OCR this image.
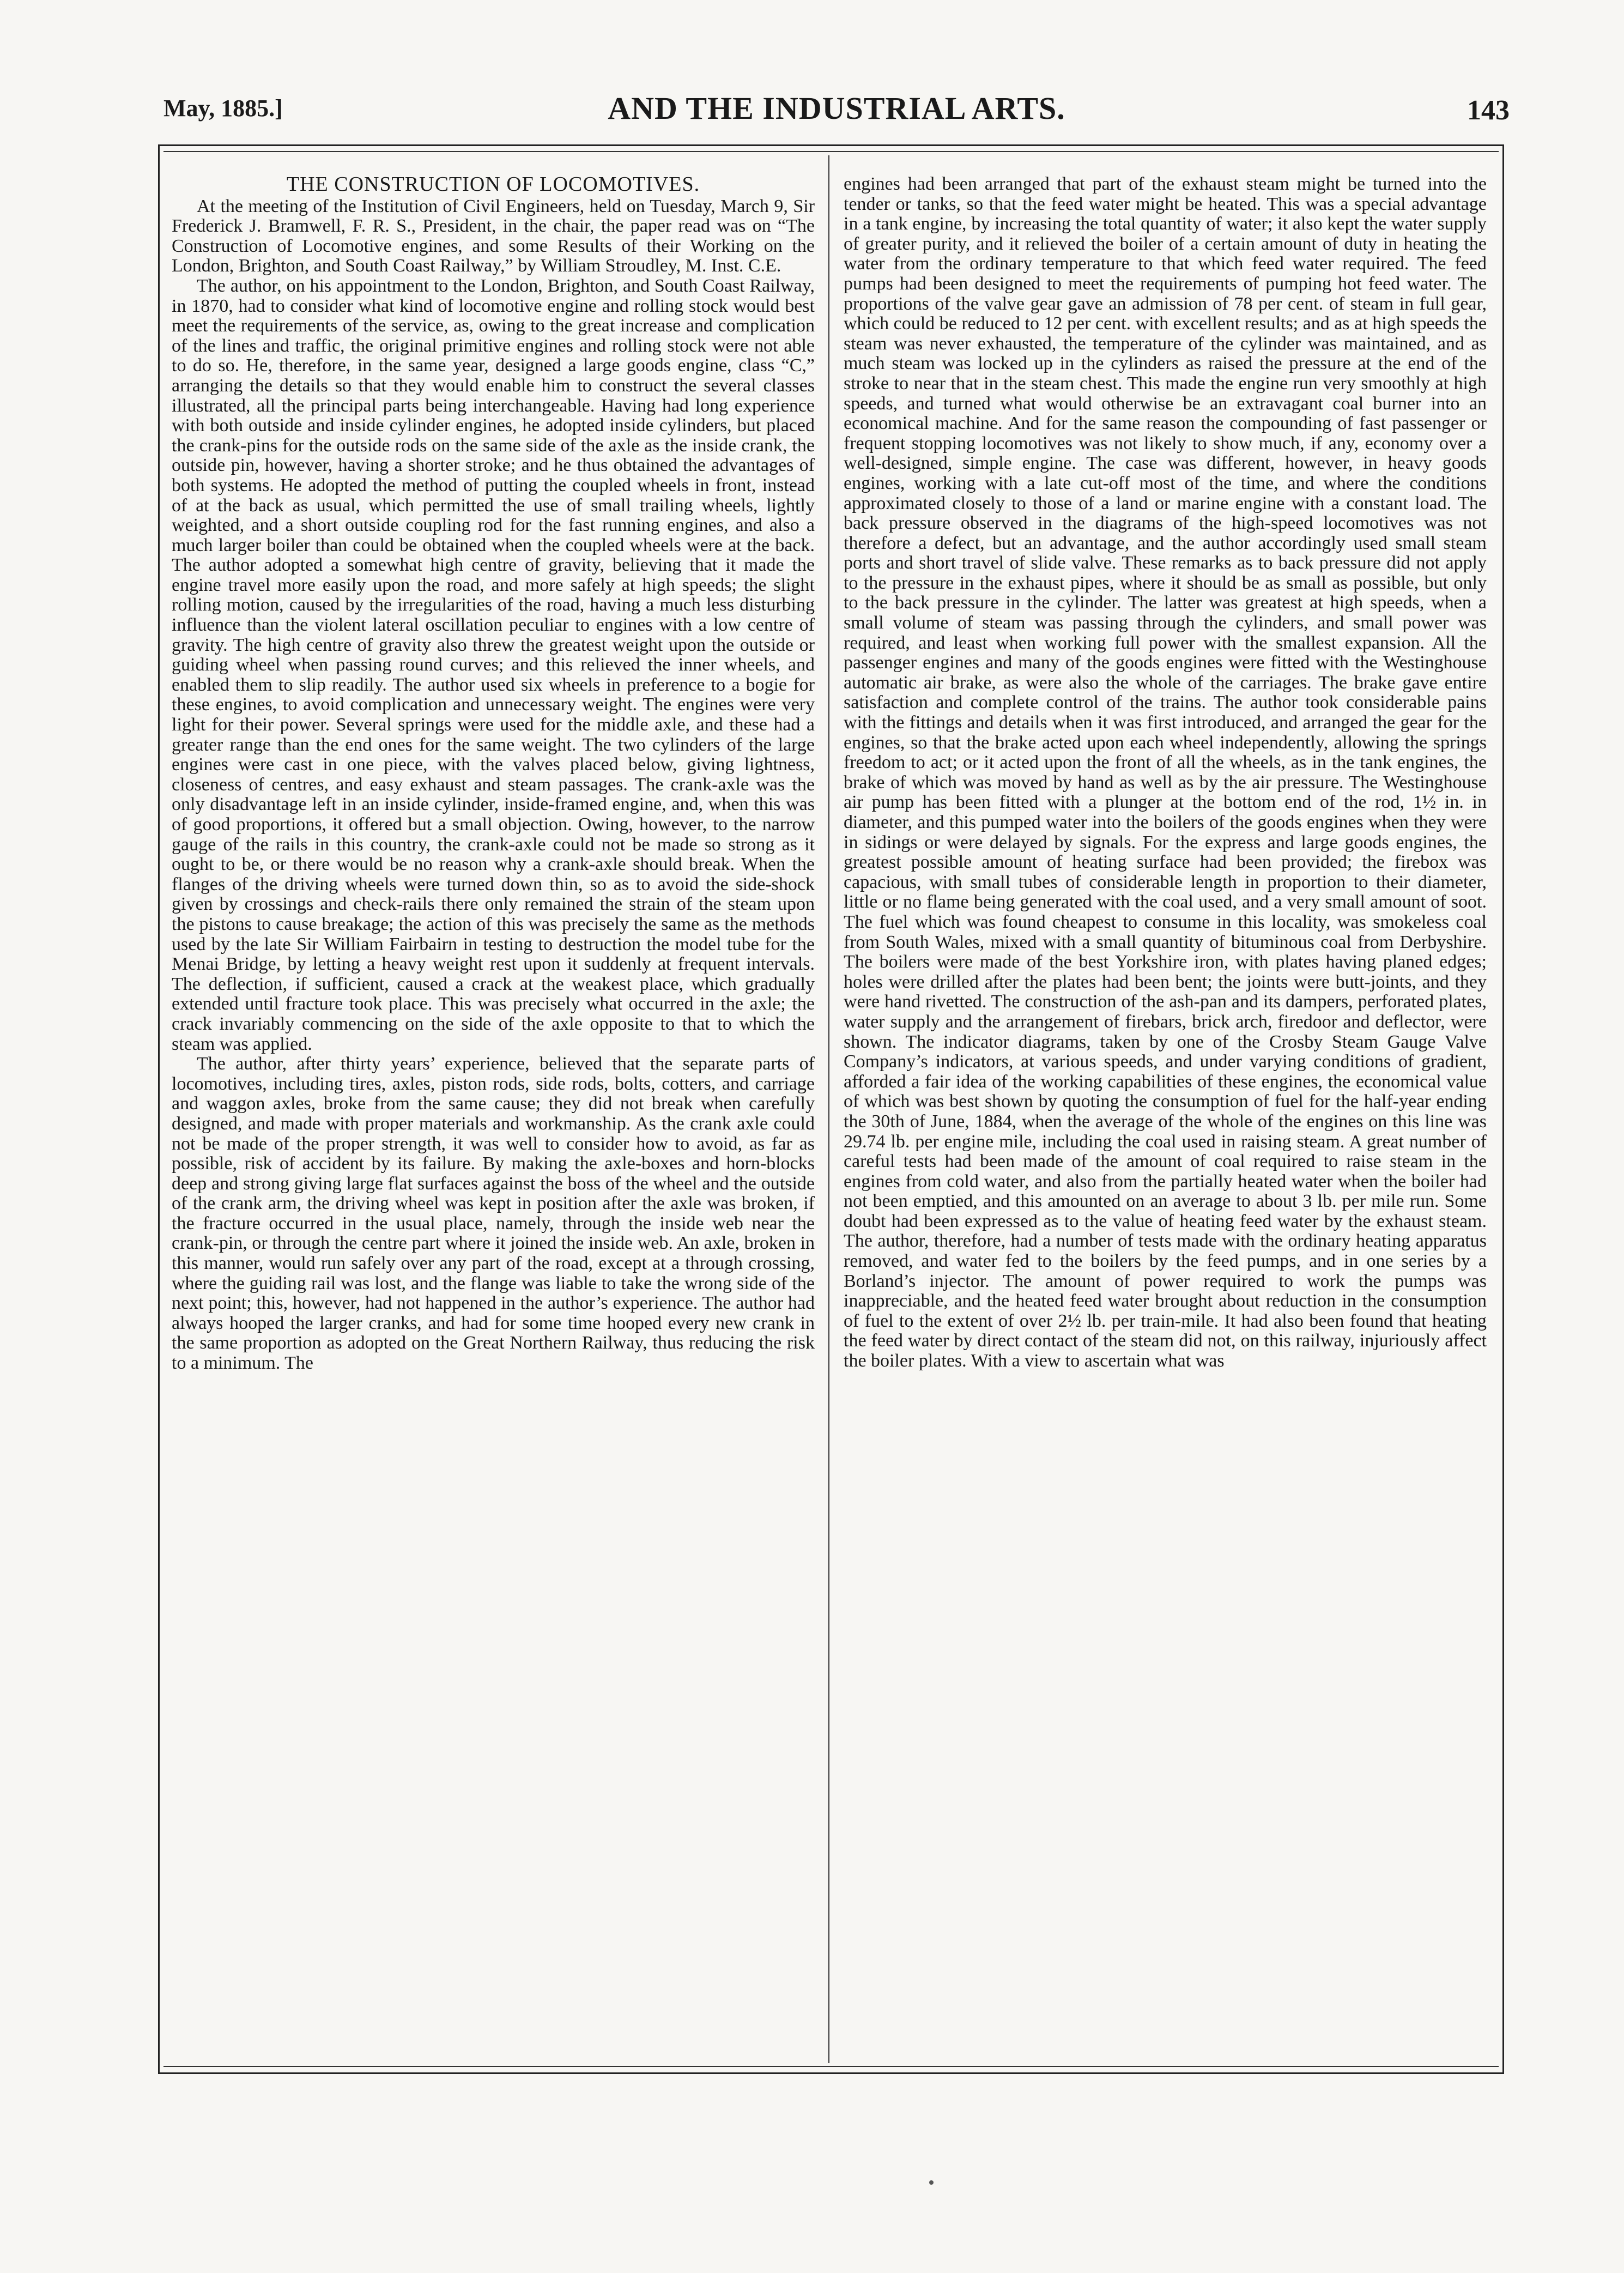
May, 1885.]	AND THE INDUSTRIAL ARTS.	143
THE CONSTRUCTION OF LOCOMOTIVES.

At the meeting of the Institution of Civil Engineers, held on Tuesday, March 9, Sir Frederick J. Bramwell, F. R. S., President, in the chair, the paper read was on “The Construction of Locomotive engines, and some Results of their Working on the London, Brighton, and South Coast Railway,” by William Stroudley, M. Inst. C.E.

The author, on his appointment to the London, Brighton, and South Coast Railway, in 1870, had to consider what kind of locomotive engine and rolling stock would best meet the requirements of the service, as, owing to the great increase and complication of the lines and traffic, the original primitive engines and rolling stock were not able to do so. He, therefore, in the same year, designed a large goods engine, class “C,” arranging the details so that they would enable him to construct the several classes illustrated, all the principal parts being interchangeable. Having had long experience with both outside and inside cylinder engines, he adopted inside cylinders, but placed the crank-pins for the outside rods on the same side of the axle as the inside crank, the outside pin, however, having a shorter stroke; and he thus obtained the advantages of both systems. He adopted the method of putting the coupled wheels in front, instead of at the back as usual, which permitted the use of small trailing wheels, lightly weighted, and a short outside coupling rod for the fast running engines, and also a much larger boiler than could be obtained when the coupled wheels were at the back. The author adopted a somewhat high centre of gravity, believing that it made the engine travel more easily upon the road, and more safely at high speeds; the slight rolling motion, caused by the irregularities of the road, having a much less disturbing influence than the violent lateral oscillation peculiar to engines with a low centre of gravity. The high centre of gravity also threw the greatest weight upon the outside or guiding wheel when passing round curves; and this relieved the inner wheels, and enabled them to slip readily. The author used six wheels in preference to a bogie for these engines, to avoid complication and unnecessary weight. The engines were very light for their power. Several springs were used for the middle axle, and these had a greater range than the end ones for the same weight. The two cylinders of the large engines were cast in one piece, with the valves placed below, giving lightness, closeness of centres, and easy exhaust and steam passages. The crank-axle was the only disadvantage left in an inside cylinder, inside-framed engine, and, when this was of good proportions, it offered but a small objection. Owing, however, to the narrow gauge of the rails in this country, the crank-axle could not be made so strong as it ought to be, or there would be no reason why a crank-axle should break. When the flanges of the driving wheels were turned down thin, so as to avoid the side-shock given by crossings and check-rails there only remained the strain of the steam upon the pistons to cause breakage; the action of this was precisely the same as the methods used by the late Sir William Fairbairn in testing to destruction the model tube for the Menai Bridge, by letting a heavy weight rest upon it suddenly at frequent intervals. The deflection, if sufficient, caused a crack at the weakest place, which gradually extended until fracture took place. This was precisely what occurred in the axle; the crack invariably commencing on the side of the axle opposite to that to which the steam was applied.

The author, after thirty years’ experience, believed that the separate parts of locomotives, including tires, axles, piston rods, side rods, bolts, cotters, and carriage and waggon axles, broke from the same cause; they did not break when carefully designed, and made with proper materials and workmanship. As the crank axle could not be made of the proper strength, it was well to consider how to avoid, as far as possible, risk of accident by its failure. By making the axle-boxes and horn-blocks deep and strong giving large flat surfaces against the boss of the wheel and the outside of the crank arm, the driving wheel was kept in position after the axle was broken, if the fracture occurred in the usual place, namely, through the inside web near the crank-pin, or through the centre part where it joined the inside web. An axle, broken in this manner, would run safely over any part of the road, except at a through crossing, where the guiding rail was lost, and the flange was liable to take the wrong side of the next point; this, however, had not happened in the author’s experience. The author had always hooped the larger cranks, and had for some time hooped every new crank in the same proportion as adopted on the Great Northern Railway, thus reducing the risk to a minimum. The

engines had been arranged that part of the exhaust steam might be turned into the tender or tanks, so that the feed water might be heated. This was a special advantage in a tank engine, by increasing the total quantity of water; it also kept the water supply of greater purity, and it relieved the boiler of a certain amount of duty in heating the water from the ordinary temperature to that which feed water required. The feed pumps had been designed to meet the requirements of pumping hot feed water. The proportions of the valve gear gave an admission of 78 per cent. of steam in full gear, which could be reduced to 12 per cent. with excellent results; and as at high speeds the steam was never exhausted, the temperature of the cylinder was maintained, and as much steam was locked up in the cylinders as raised the pressure at the end of the stroke to near that in the steam chest. This made the engine run very smoothly at high speeds, and turned what would otherwise be an extravagant coal burner into an economical machine. And for the same reason the compounding of fast passenger or frequent stopping locomotives was not likely to show much, if any, economy over a well-designed, simple engine. The case was different, however, in heavy goods engines, working with a late cut-off most of the time, and where the conditions approximated closely to those of a land or marine engine with a constant load. The back pressure observed in the diagrams of the high-speed locomotives was not therefore a defect, but an advantage, and the author accordingly used small steam ports and short travel of slide valve. These remarks as to back pressure did not apply to the pressure in the exhaust pipes, where it should be as small as possible, but only to the back pressure in the cylinder. The latter was greatest at high speeds, when a small volume of steam was passing through the cylinders, and small power was required, and least when working full power with the smallest expansion. All the passenger engines and many of the goods engines were fitted with the Westinghouse automatic air brake, as were also the whole of the carriages. The brake gave entire satisfaction and complete control of the trains. The author took considerable pains with the fittings and details when it was first introduced, and arranged the gear for the engines, so that the brake acted upon each wheel independently, allowing the springs freedom to act; or it acted upon the front of all the wheels, as in the tank engines, the brake of which was moved by hand as well as by the air pressure. The Westinghouse air pump has been fitted with a plunger at the bottom end of the rod, 1½ in. in diameter, and this pumped water into the boilers of the goods engines when they were in sidings or were delayed by signals. For the express and large goods engines, the greatest possible amount of heating surface had been provided; the firebox was capacious, with small tubes of considerable length in proportion to their diameter, little or no flame being generated with the coal used, and a very small amount of soot. The fuel which was found cheapest to consume in this locality, was smokeless coal from South Wales, mixed with a small quantity of bituminous coal from Derbyshire. The boilers were made of the best Yorkshire iron, with plates having planed edges; holes were drilled after the plates had been bent; the joints were butt-joints, and they were hand rivetted. The construction of the ash-pan and its dampers, perforated plates, water supply and the arrangement of firebars, brick arch, firedoor and deflector, were shown. The indicator diagrams, taken by one of the Crosby Steam Gauge Valve Company’s indicators, at various speeds, and under varying conditions of gradient, afforded a fair idea of the working capabilities of these engines, the economical value of which was best shown by quoting the consumption of fuel for the half-year ending the 30th of June, 1884, when the average of the whole of the engines on this line was 29.74 lb. per engine mile, including the coal used in raising steam. A great number of careful tests had been made of the amount of coal required to raise steam in the engines from cold water, and also from the partially heated water when the boiler had not been emptied, and this amounted on an average to about 3 lb. per mile run. Some doubt had been expressed as to the value of heating feed water by the exhaust steam. The author, therefore, had a number of tests made with the ordinary heating apparatus removed, and water fed to the boilers by the feed pumps, and in one series by a Borland’s injector. The amount of power required to work the pumps was inappreciable, and the heated feed water brought about reduction in the consumption of fuel to the extent of over 2½ lb. per train-mile. It had also been found that heating the feed water by direct contact of the steam did not, on this railway, injuriously affect the boiler plates. With a view to ascertain what was
